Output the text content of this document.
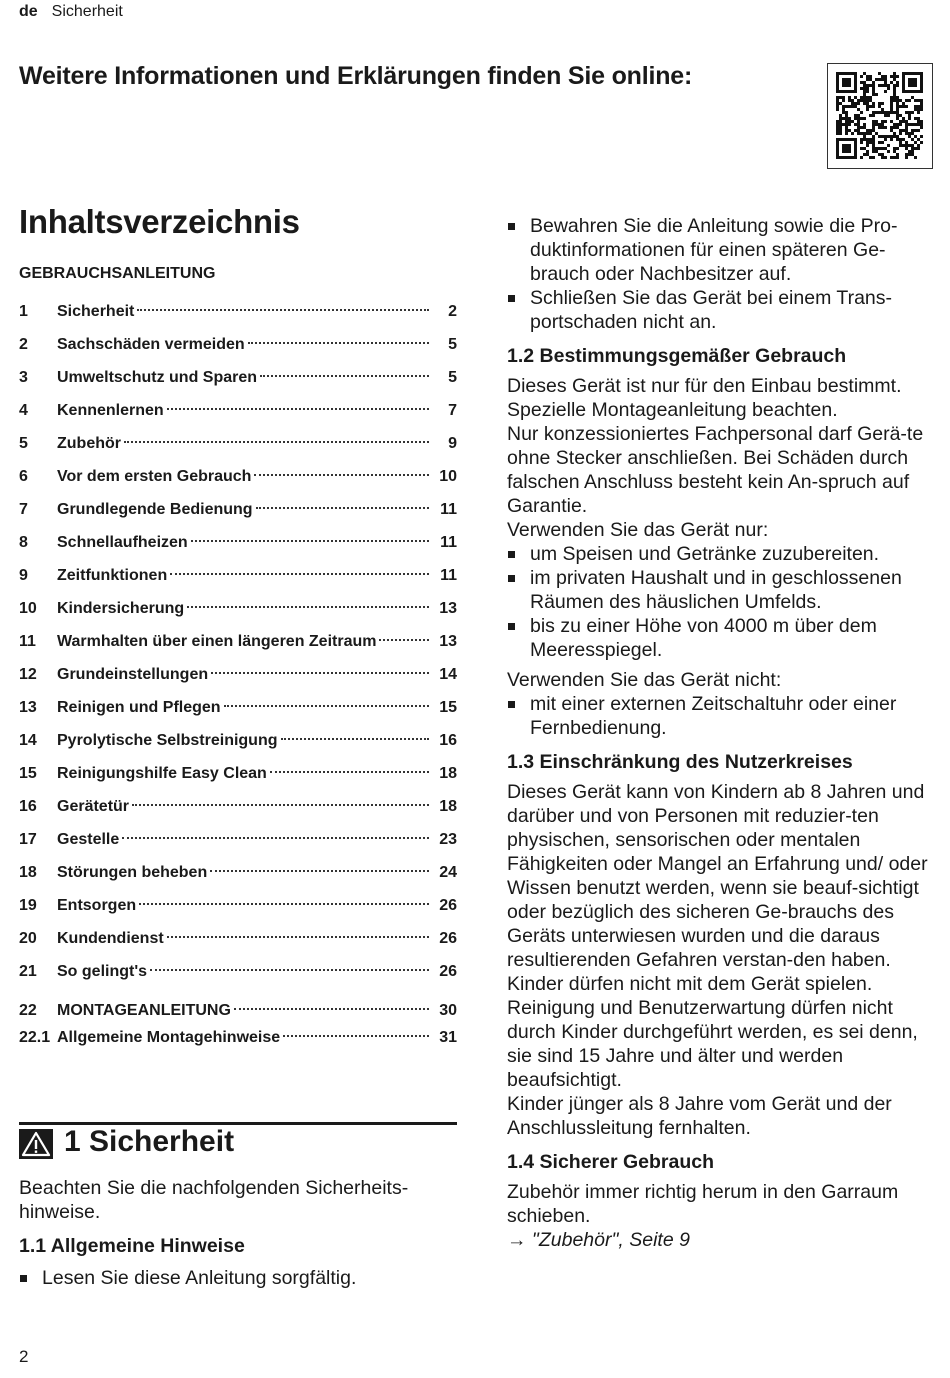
de Sicherheit
Weitere Informationen und Erklärungen finden Sie online:
Inhaltsverzeichnis
GEBRAUCHSANLEITUNG
1	Sicherheit	2
2	Sachschäden vermeiden	5
3	Umweltschutz und Sparen	5
4	Kennenlernen	7
5	Zubehör	9
6	Vor dem ersten Gebrauch	10
7	Grundlegende Bedienung	11
8	Schnellaufheizen	11
9	Zeitfunktionen	11
10	Kindersicherung	13
11	Warmhalten über einen längeren Zeitraum	13
12	Grundeinstellungen	14
13	Reinigen und Pflegen	15
14	Pyrolytische Selbstreinigung	16
15	Reinigungshilfe Easy Clean	18
16	Gerätetür	18
17	Gestelle	23
18	Störungen beheben	24
19	Entsorgen	26
20	Kundendienst	26
21	So gelingt's	26
22	MONTAGEANLEITUNG	30
22.1 Allgemeine Montagehinweise	31
1 Sicherheit
Beachten Sie die nachfolgenden Sicherheits-hinweise.
1.1 Allgemeine Hinweise
Lesen Sie diese Anleitung sorgfältig.
Bewahren Sie die Anleitung sowie die Pro-duktinformationen für einen späteren Ge-brauch oder Nachbesitzer auf.
Schließen Sie das Gerät bei einem Trans-portschaden nicht an.
1.2 Bestimmungsgemäßer Gebrauch

Dieses Gerät ist nur für den Einbau bestimmt. Spezielle Montageanleitung beachten.

Nur konzessioniertes Fachpersonal darf Gerä-te ohne Stecker anschließen. Bei Schäden durch falschen Anschluss besteht kein An-spruch auf Garantie.

Verwenden Sie das Gerät nur:

um Speisen und Getränke zuzubereiten.
im privaten Haushalt und in geschlossenen Räumen des häuslichen Umfelds.
bis zu einer Höhe von 4000 m über dem Meeresspiegel.

Verwenden Sie das Gerät nicht:

mit einer externen Zeitschaltuhr oder einer Fernbedienung.
1.3 Einschränkung des Nutzerkreises

Dieses Gerät kann von Kindern ab 8 Jahren und darüber und von Personen mit reduzier-ten physischen, sensorischen oder mentalen Fähigkeiten oder Mangel an Erfahrung und/ oder Wissen benutzt werden, wenn sie beauf-sichtigt oder bezüglich des sicheren Ge-brauchs des Geräts unterwiesen wurden und die daraus resultierenden Gefahren verstan-den haben.

Kinder dürfen nicht mit dem Gerät spielen.

Reinigung und Benutzerwartung dürfen nicht durch Kinder durchgeführt werden, es sei denn, sie sind 15 Jahre und älter und werden beaufsichtigt.

Kinder jünger als 8 Jahre vom Gerät und der Anschlussleitung fernhalten.

1.4 Sicherer Gebrauch

Zubehör immer richtig herum in den Garraum schieben.

→ "Zubehör", Seite 9

2
